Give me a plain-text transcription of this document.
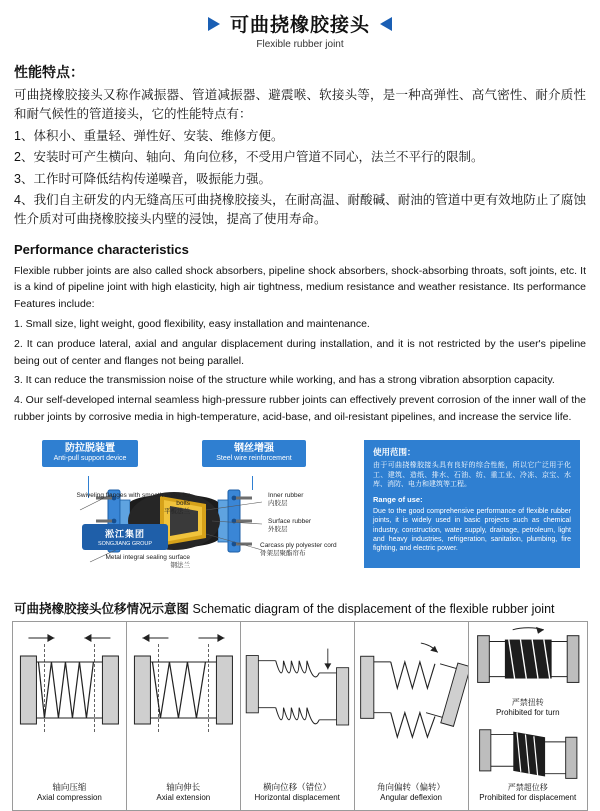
可曲挠橡胶接头
Flexible rubber joint
性能特点：

可曲挠橡胶接头又称作减振器、管道减振器、避震喉、软接头等，是一种高弹性、高气密性、耐介质性和耐气候性的管道接头，它的性能特点有：

1、体积小、重量轻、弹性好、安装、维修方便。

2、安装时可产生横向、轴向、角向位移，不受用户管道不同心，法兰不平行的限制。

3、工作时可降低结构传递噪音，吸振能力强。

4、我们自主研发的内无缝高压可曲挠橡胶接头，在耐高温、耐酸碱、耐油的管道中更有效地防止了腐蚀性介质对可曲挠橡胶接头内壁的浸蚀，提高了使用寿命。

Performance characteristics

Flexible rubber joints are also called shock absorbers, pipeline shock absorbers, shock-absorbing throats, soft joints, etc. It is a kind of pipeline joint with high elasticity, high air tightness, medium resistance and weather resistance. Its performance Features include:

1. Small size, light weight, good flexibility, easy installation and maintenance.

2. It can produce lateral, axial and angular displacement during installation, and it is not restricted by the user's pipeline being out of center and flanges not being parallel.

3. It can reduce the transmission noise of the structure while working, and has a strong vibration absorption capacity.

4. Our self-developed internal seamless high-pressure rubber joints can effectively prevent corrosion of the inner wall of the rubber joints by corrosive media in high-temperature, acid-base, and oil-resistant pipelines, and increase the service life.

防拉脱装置
Anti-pull support device
钢丝增强
Steel wire reinforcement
Inner rubber
内胶层
Surface rubber
外胶层
Carcass ply polyester cord
骨架层聚酯帘布
Swiveling flanges with smooth holes for bolts
平板法兰
Metal integral sealing surface
钢法兰
淞江集团
SONGJIANG GROUP
使用范围：

由于可曲挠橡胶接头具有良好的综合性能，所以它广泛用于化工、建筑、造纸、排水、石油、纺、重工业、冷冻、京宝、水库、消防、电力和建筑等工程。

Range of use:

Due to the good comprehensive performance of flexible rubber joints, it is widely used in basic projects such as chemical industry, construction, water supply, drainage, petroleum, light and heavy industries, refrigeration, sanitation, plumbing, fire fighting, and electric power.

可曲挠橡胶接头位移情况示意图 Schematic diagram of the displacement of the flexible rubber joint
轴向压缩
Axial compression
轴向伸长
Axial extension
横向位移（错位）
Horizontal displacement
角向偏转（偏转）
Angular deflexion
严禁扭转
Prohibited for turn
严禁超位移
Prohibited for displacement
